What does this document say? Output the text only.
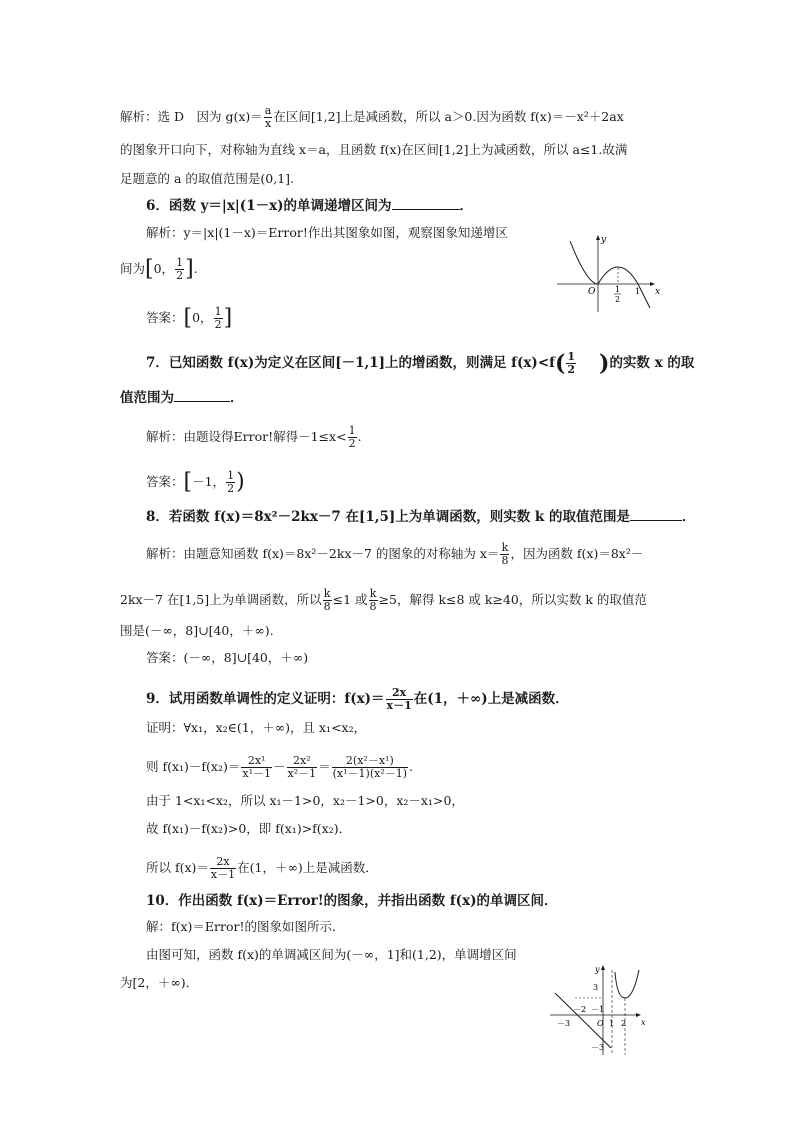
解析：选 D　因为 $g(x)= \frac{a}{x}$ 在区间[1,2]上是减函数，所以 a＞0.因为函数 f(x)＝－x²＋2ax
的图象开口向下，对称轴为直线 x＝a，且函数 f(x)在区间[1,2]上为减函数，所以 a≤1.故满
足题意的 a 的取值范围是(0,1].
6．函数 y＝|x|(1－x)的单调递增区间为	．
解析：y＝|x|(1－x)＝Error!作出其图象如图，观察图象知递增区
间为[0， $\frac{1}{2}$ ].
答案：[0， $\frac{1}{2}$ ]
y
x
O 1
2
1
7．已知函数 f(x)为定义在区间[－1,1]上的增函数，则满足 $f(x)<f( \frac{1}{2}$ )的实数 x 的取
值范围为	．
解析：由题设得Error!解得$-1\le x< \frac{1}{2}$ .
答案：[－1， $\frac{1}{2}$ )
8．若函数 f(x)＝8x²－2kx－7 在[1,5]上为单调函数，则实数 k 的取值范围是	．
解析：由题意知函数 f(x)＝8x²－2kx－7 的图象的对称轴为 $x= \frac{k}{8}$ ，因为函数 f(x)＝8x²－
2kx－7 在[1,5]上为单调函数，所以 $\frac{k}{8} \le 1$ 或 $\frac{k}{8} \ge 5$，解得 k≤8 或 k≥40，所以实数 k 的取值范
围是(－∞，8]∪[40，＋∞).
答案：(－∞，8]∪[40，＋∞)
9．试用函数单调性的定义证明：$f(x)= \frac{2x}{x-1}$ 在(1，＋∞)上是减函数．
证明：∀x₁，x₂∈(1，＋∞)，且 x₁<x₂，
则 $f(x_1)-f(x_2)= \frac{\text{2x¹}}{\text{x¹－1}} - \frac{\text{2x²}}{\text{x²－1}} = \frac{\text{2(x²－x¹)}}{\text{(x¹－1)(x²－1)}}$ .
由于 1<x₁<x₂，所以 x₁－1>0，x₂－1>0，x₂－x₁>0，
故 f(x₁)－f(x₂)>0，即 f(x₁)>f(x₂)．
所以 $f(x)= \frac{2x}{x-1}$ 在(1，＋∞)上是减函数．
10．作出函数 f(x)＝Error!的图象，并指出函数 f(x)的单调区间．
解：f(x)＝Error!的图象如图所示．
由图可知，函数 f(x)的单调减区间为(－∞，1]和(1,2)，单调增区间
为[2，＋∞)．
y
x
O
3
－2 －1
－3	1 2
－3
